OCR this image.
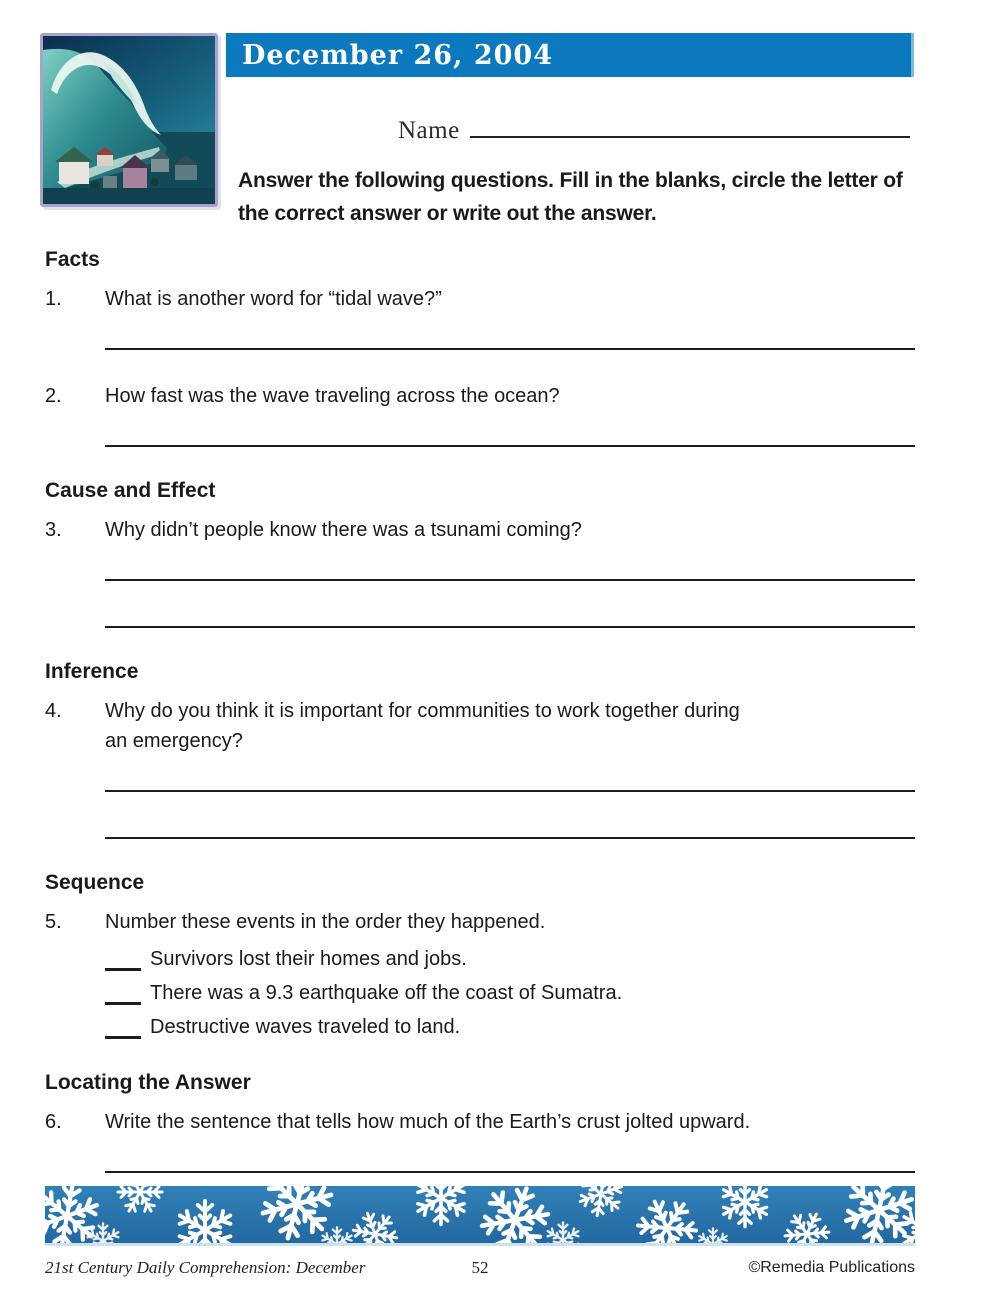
December 26, 2004
Name
Answer the following questions. Fill in the blanks, circle the letter of the correct answer or write out the answer.
Facts
1.	What is another word for “tidal wave?”
2.	How fast was the wave traveling across the ocean?
Cause and Effect
3.	Why didn’t people know there was a tsunami coming?
Inference
4.	Why do you think it is important for communities to work together during
an emergency?
Sequence
5.	Number these events in the order they happened.
Survivors lost their homes and jobs.
There was a 9.3 earthquake off the coast of Sumatra.
Destructive waves traveled to land.
Locating the Answer
6.	Write the sentence that tells how much of the Earth’s crust jolted upward.
21st Century Daily Comprehension: December	52	©Remedia Publications
